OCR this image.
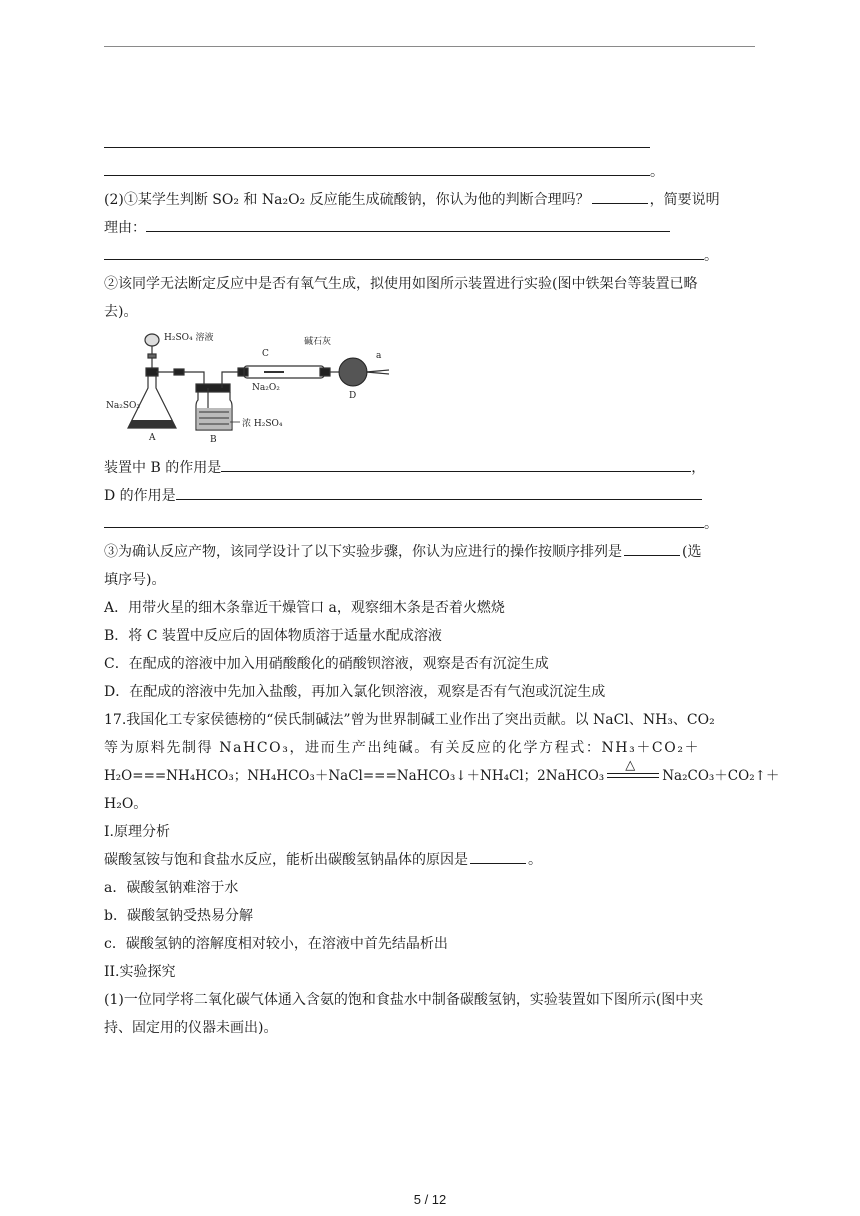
。
(2)①某学生判断 SO₂ 和 Na₂O₂ 反应能生成硫酸钠，你认为他的判断合理吗？	，简要说明
理由：
。
②该同学无法断定反应中是否有氧气生成，拟使用如图所示装置进行实验(图中铁架台等装置已略
去)。
H₂SO₄ 溶液
C
碱石灰
a
Na₂SO₃
Na₂O₂
D
A	B
浓 H₂SO₄
装置中 B 的作用是	，
D 的作用是
。
③为确认反应产物，该同学设计了以下实验步骤，你认为应进行的操作按顺序排列是	(选
填序号)。
A．用带火星的细木条靠近干燥管口 a，观察细木条是否着火燃烧
B．将 C 装置中反应后的固体物质溶于适量水配成溶液
C．在配成的溶液中加入用硝酸酸化的硝酸钡溶液，观察是否有沉淀生成
D．在配成的溶液中先加入盐酸，再加入氯化钡溶液，观察是否有气泡或沉淀生成
17.我国化工专家侯德榜的“侯氏制碱法”曾为世界制碱工业作出了突出贡献。以 NaCl、NH₃、CO₂
等为原料先制得 NaHCO₃，进而生产出纯碱。有关反应的化学方程式：NH₃＋CO₂＋
H₂O===NH₄HCO₃；NH₄HCO₃＋NaCl===NaHCO₃↓＋NH₄Cl；2NaHCO₃
△
Na₂CO₃＋CO₂↑＋
H₂O。
I.原理分析
碳酸氢铵与饱和食盐水反应，能析出碳酸氢钠晶体的原因是	。
a．碳酸氢钠难溶于水
b．碳酸氢钠受热易分解
c．碳酸氢钠的溶解度相对较小，在溶液中首先结晶析出
II.实验探究
(1)一位同学将二氧化碳气体通入含氨的饱和食盐水中制备碳酸氢钠，实验装置如下图所示(图中夹
持、固定用的仪器未画出)。
5 / 12
